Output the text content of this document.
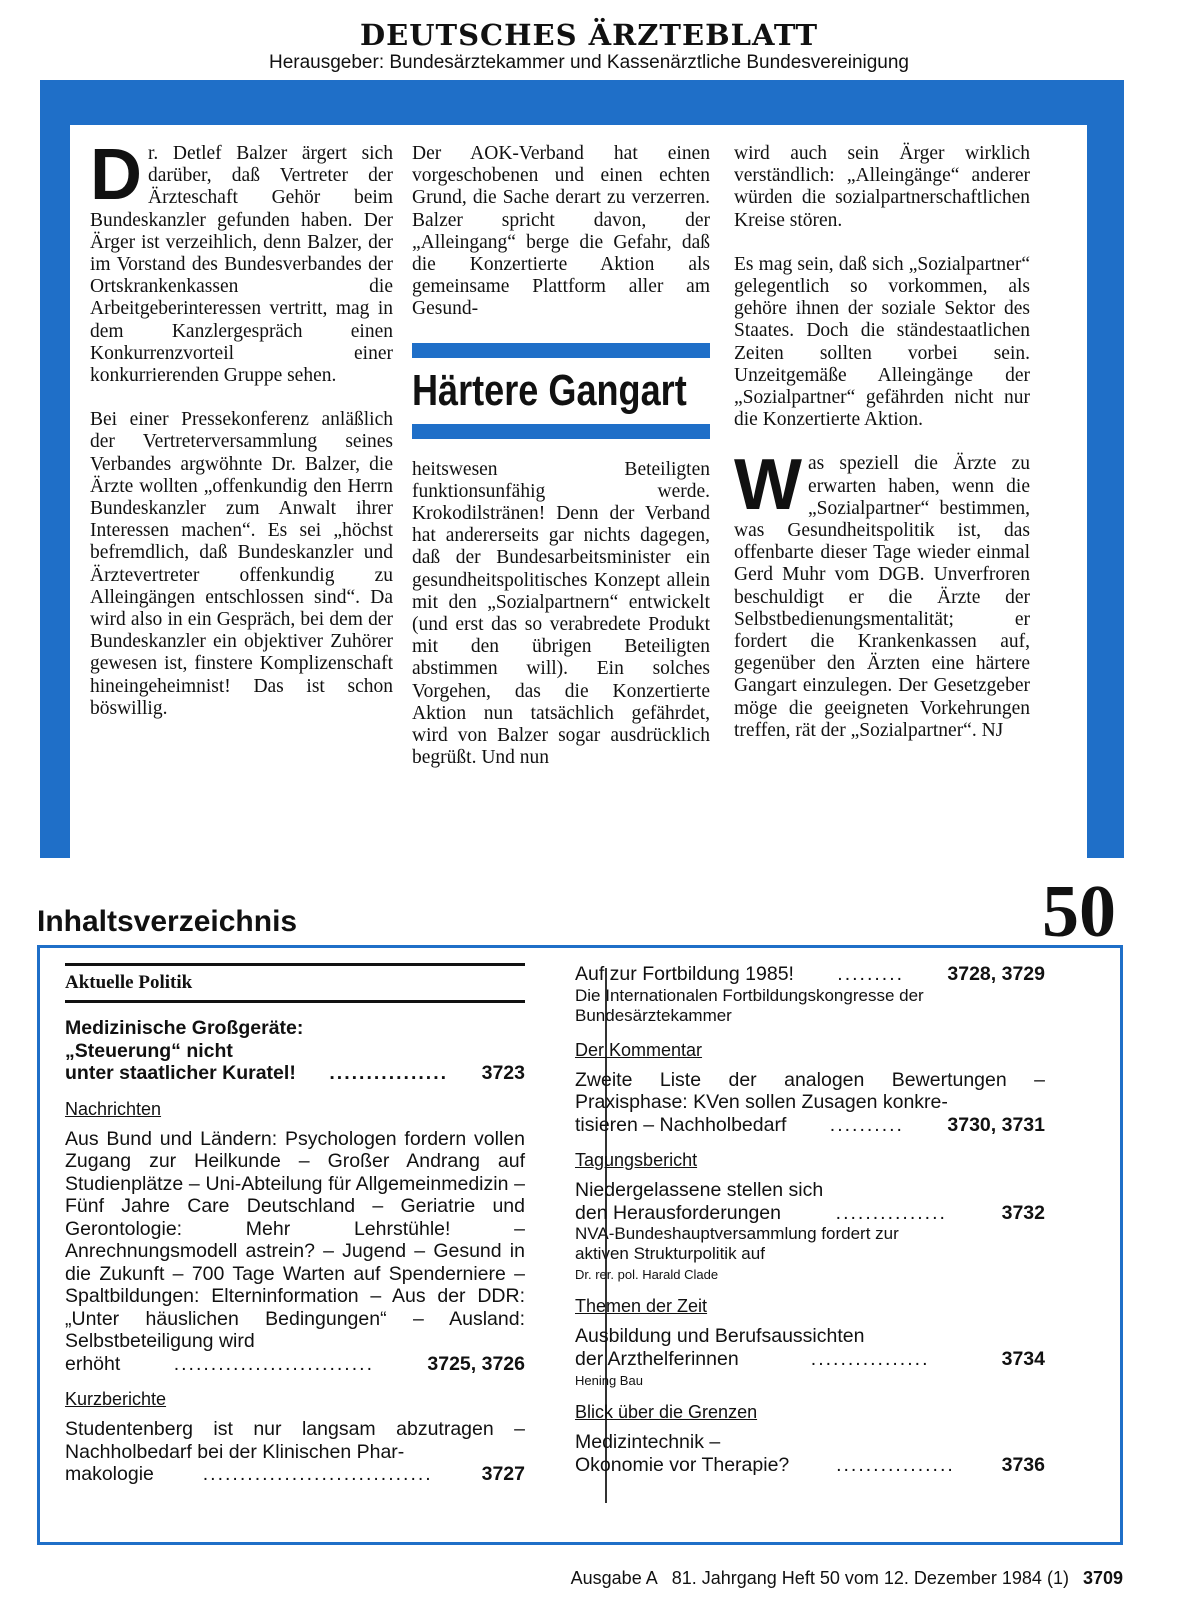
DEUTSCHES ÄRZTEBLATT
Herausgeber: Bundesärztekammer und Kassenärztliche Bundesvereinigung

Dr. Detlef Balzer ärgert sich darüber, daß Vertreter der Ärzteschaft Gehör beim Bundeskanzler gefunden haben. Der Ärger ist verzeihlich, denn Balzer, der im Vorstand des Bundesverbandes der Ortskrankenkassen die Arbeitgeberinteressen vertritt, mag in dem Kanzlergespräch einen Konkurrenzvorteil einer konkurrierenden Gruppe sehen.

Bei einer Pressekonferenz anläßlich der Vertreterversammlung seines Verbandes argwöhnte Dr. Balzer, die Ärzte wollten „offenkundig den Herrn Bundeskanzler zum Anwalt ihrer Interessen machen“. Es sei „höchst befremdlich, daß Bundeskanzler und Ärztevertreter offenkundig zu Alleingängen entschlossen sind“. Da wird also in ein Gespräch, bei dem der Bundeskanzler ein objektiver Zuhörer gewesen ist, finstere Komplizenschaft hineingeheimnist! Das ist schon böswillig.

Der AOK-Verband hat einen vorgeschobenen und einen echten Grund, die Sache derart zu verzerren. Balzer spricht davon, der „Alleingang“ berge die Gefahr, daß die Konzertierte Aktion als gemeinsame Plattform aller am Gesund-

Härtere Gangart

heitswesen Beteiligten funktionsunfähig werde. Krokodilstränen! Denn der Verband hat andererseits gar nichts dagegen, daß der Bundesarbeitsminister ein gesundheitspolitisches Konzept allein mit den „Sozialpartnern“ entwickelt (und erst das so verabredete Produkt mit den übrigen Beteiligten abstimmen will). Ein solches Vorgehen, das die Konzertierte Aktion nun tatsächlich gefährdet, wird von Balzer sogar ausdrücklich begrüßt. Und nun

wird auch sein Ärger wirklich verständlich: „Alleingänge“ anderer würden die sozialpartnerschaftlichen Kreise stören.

Es mag sein, daß sich „Sozialpartner“ gelegentlich so vorkommen, als gehöre ihnen der soziale Sektor des Staates. Doch die ständestaatlichen Zeiten sollten vorbei sein. Unzeitgemäße Alleingänge der „Sozialpartner“ gefährden nicht nur die Konzertierte Aktion.

Was speziell die Ärzte zu erwarten haben, wenn die „Sozialpartner“ bestimmen, was Gesundheitspolitik ist, das offenbarte dieser Tage wieder einmal Gerd Muhr vom DGB. Unverfroren beschuldigt er die Ärzte der Selbstbedienungsmentalität; er fordert die Krankenkassen auf, gegenüber den Ärzten eine härtere Gangart einzulegen. Der Gesetzgeber möge die geeigneten Vorkehrungen treffen, rät der „Sozialpartner“. NJ

Inhaltsverzeichnis	50
Aktuelle Politik
Medizinische Großgeräte: „Steuerung“ nicht
unter staatlicher Kuratel! ................ 3723
Nachrichten
Aus Bund und Ländern: Psychologen fordern vollen Zugang zur Heilkunde – Großer Andrang auf Studienplätze – Uni-Abteilung für Allgemeinmedizin – Fünf Jahre Care Deutschland – Geriatrie und Gerontologie: Mehr Lehrstühle! – Anrechnungsmodell astrein? – Jugend – Gesund in die Zukunft – 700 Tage Warten auf Spenderniere – Spaltbildungen: Elterninformation – Aus der DDR: „Unter häuslichen Bedingungen“ – Ausland: Selbstbeteiligung wird
erhöht	...........................	3725, 3726
Kurzberichte
Studentenberg ist nur langsam abzutragen – Nachholbedarf bei der Klinischen Phar-
makologie	...............................	3727
Auf zur Fortbildung 1985! ......... 3728, 3729
Die Internationalen Fortbildungskongresse der Bundesärztekammer
Der Kommentar
Zweite Liste der analogen Bewertungen – Praxisphase: KVen sollen Zusagen konkre-
tisieren – Nachholbedarf .......... 3730, 3731
Tagungsbericht
Niedergelassene stellen sich
den Herausforderungen	...............	3732
NVA-Bundeshauptversammlung fordert zur aktiven Strukturpolitik auf
Dr. rer. pol. Harald Clade
Themen der Zeit
Ausbildung und Berufsaussichten
der Arzthelferinnen	................	3734
Hening Bau
Blick über die Grenzen
Medizintechnik –
Okonomie vor Therapie? ................ 3736
Ausgabe A   81. Jahrgang Heft 50 vom 12. Dezember 1984 (1) 3709
